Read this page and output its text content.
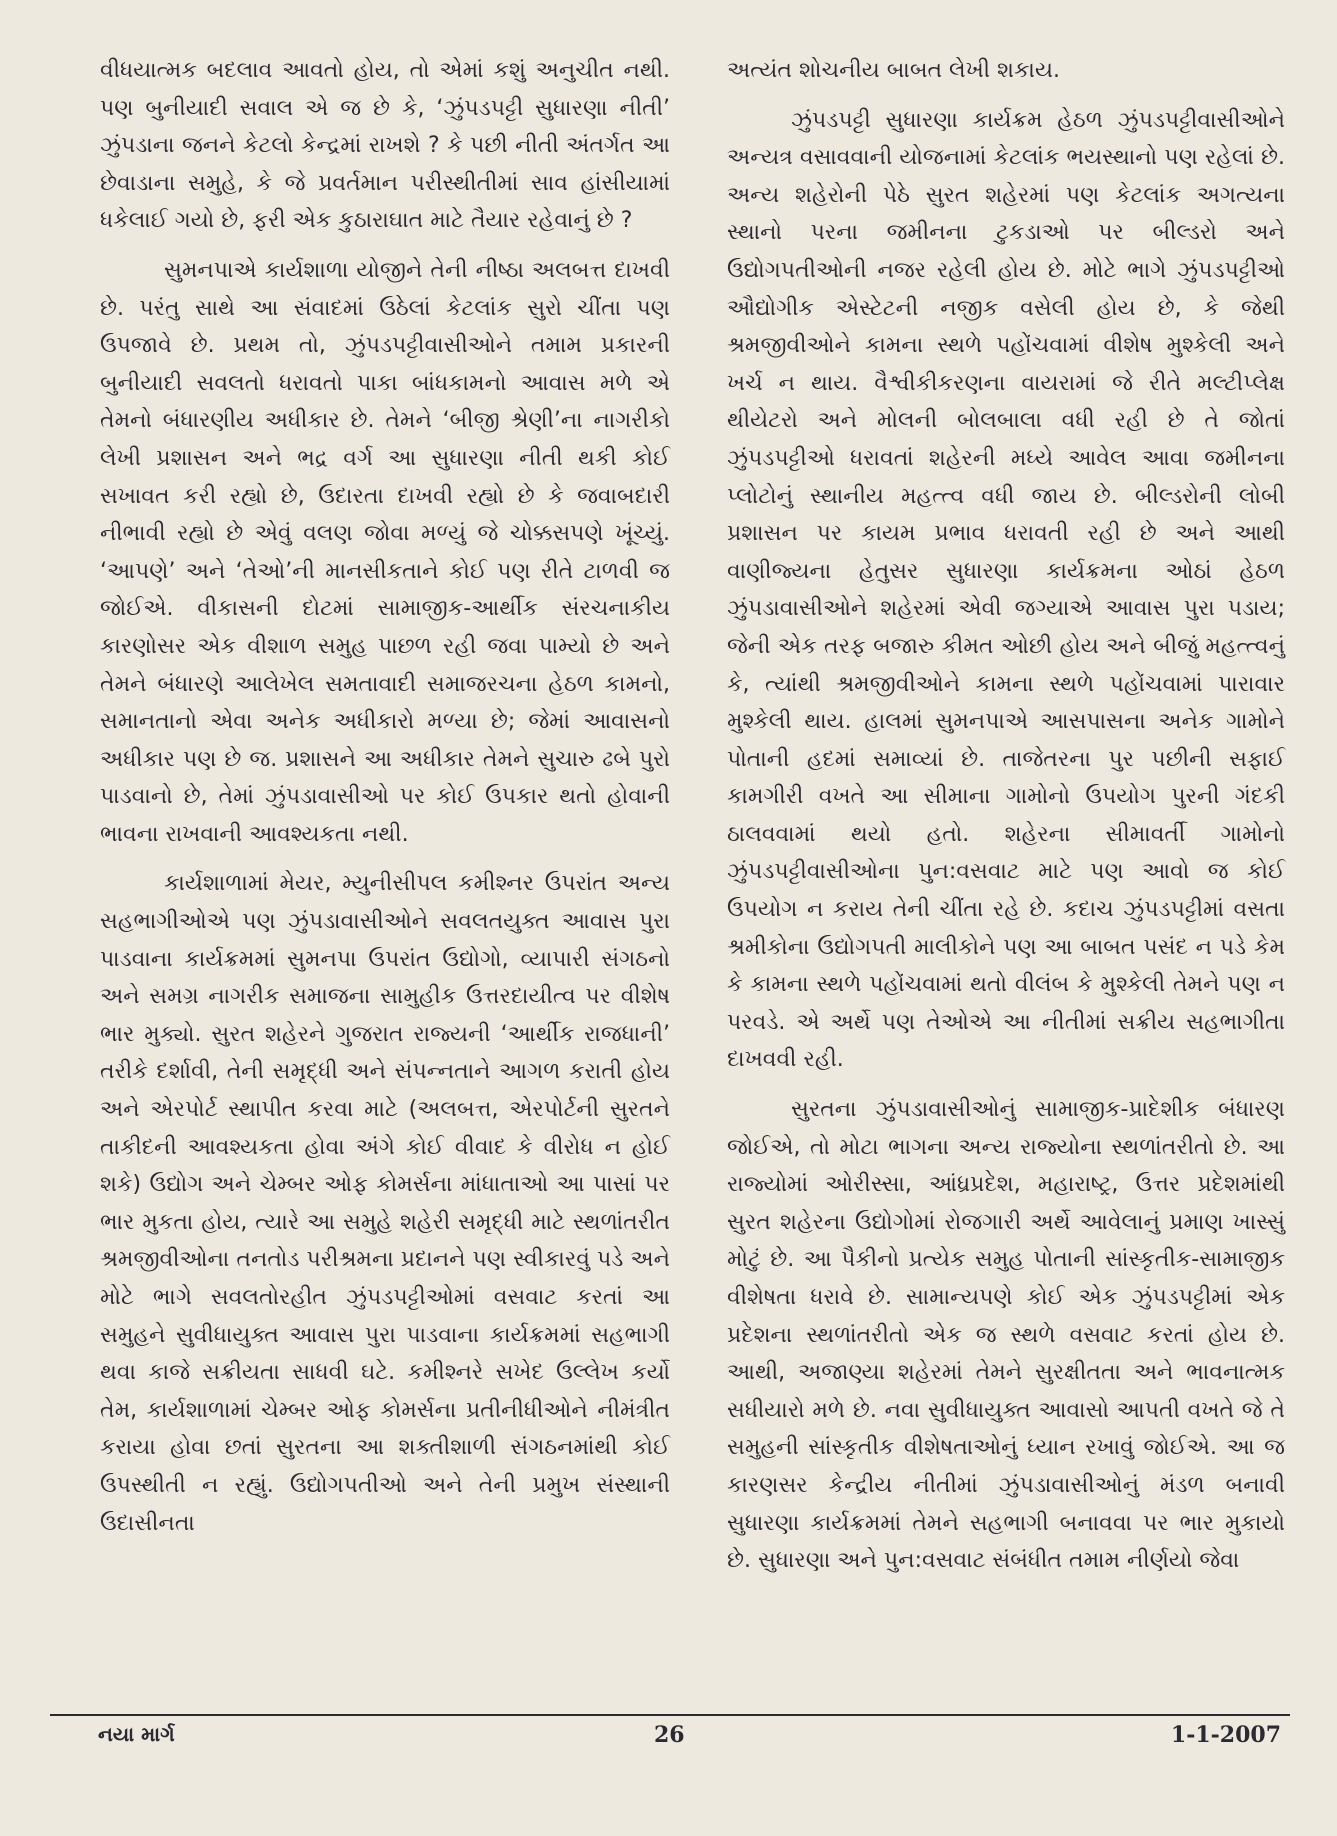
વીધયાત્મક બદલાવ આવતો હોય, તો એમાં કશું અનુચીત નથી. પણ બુનીયાદી સવાલ એ જ છે કે, ‘ઝુંપડપટ્ટી સુધારણા નીતી’ ઝુંપડાના જનને કેટલો કેન્દ્રમાં રાખશે ? કે પછી નીતી અંતર્ગત આ છેવાડાના સમુહે, કે જે પ્રવર્તમાન પરીસ્થીતીમાં સાવ હાંસીયામાં ધકેલાઈ ગયો છે, ફરી એક કુઠારાઘાત માટે તૈયાર રહેવાનું છે ?

સુમનપાએ કાર્યશાળા યોજીને તેની નીષ્ઠા અલબત્ત દાખવી છે. પરંતુ સાથે આ સંવાદમાં ઉઠેલાં કેટલાંક સુરો ચીંતા પણ ઉપજાવે છે. પ્રથમ તો, ઝુંપડપટ્ટીવાસીઓને તમામ પ્રકારની બુનીયાદી સવલતો ધરાવતો પાકા બાંધકામનો આવાસ મળે એ તેમનો બંધારણીય અધીકાર છે. તેમને ‘બીજી શ્રેણી’ના નાગરીકો લેખી પ્રશાસન અને ભદ્ર વર્ગ આ સુધારણા નીતી થકી કોઈ સખાવત કરી રહ્યો છે, ઉદારતા દાખવી રહ્યો છે કે જવાબદારી નીભાવી રહ્યો છે એવું વલણ જોવા મળ્યું જે ચોક્કસપણે ખૂંચ્યું. ‘આપણે’ અને ‘તેઓ’ની માનસીકતાને કોઈ પણ રીતે ટાળવી જ જોઈએ. વીકાસની દોટમાં સામાજીક-આર્થીક સંરચનાકીય કારણોસર એક વીશાળ સમુહ પાછળ રહી જવા પામ્યો છે અને તેમને બંધારણે આલેખેલ સમતાવાદી સમાજરચના હેઠળ કામનો, સમાનતાનો એવા અનેક અધીકારો મળ્યા છે; જેમાં આવાસનો અધીકાર પણ છે જ. પ્રશાસને આ અધીકાર તેમને સુચારુ ઢબે પુરો પાડવાનો છે, તેમાં ઝુંપડાવાસીઓ પર કોઈ ઉપકાર થતો હોવાની ભાવના રાખવાની આવશ્યકતા નથી.

કાર્યશાળામાં મેયર, મ્યુનીસીપલ કમીશ્નર ઉપરાંત અન્ય સહભાગીઓએ પણ ઝુંપડાવાસીઓને સવલતયુક્ત આવાસ પુરા પાડવાના કાર્યક્રમમાં સુમનપા ઉપરાંત ઉદ્યોગો, વ્યાપારી સંગઠનો અને સમગ્ર નાગરીક સમાજના સામુહીક ઉત્તરદાયીત્વ પર વીશેષ ભાર મુક્યો. સુરત શહેરને ગુજરાત રાજ્યની ‘આર્થીક રાજધાની’ તરીકે દર્શાવી, તેની સમૃદ્ધી અને સંપન્નતાને આગળ કરાતી હોય અને એરપોર્ટ સ્થાપીત કરવા માટે (અલબત્ત, એરપોર્ટની સુરતને તાકીદની આવશ્યકતા હોવા અંગે કોઈ વીવાદ કે વીરોધ ન હોઈ શકે) ઉદ્યોગ અને ચેમ્બર ઓફ કોમર્સના માંધાતાઓ આ પાસાં પર ભાર મુકતા હોય, ત્યારે આ સમુહે શહેરી સમૃદ્ધી માટે સ્થળાંતરીત શ્રમજીવીઓના તનતોડ પરીશ્રમના પ્રદાનને પણ સ્વીકારવું પડે અને મોટે ભાગે સવલતોરહીત ઝુંપડપટ્ટીઓમાં વસવાટ કરતાં આ સમુહને સુવીધાયુક્ત આવાસ પુરા પાડવાના કાર્યક્રમમાં સહભાગી થવા કાજે સક્રીયતા સાધવી ઘટે. કમીશ્નરે સખેદ ઉલ્લેખ કર્યો તેમ, કાર્યશાળામાં ચેમ્બર ઓફ કોમર્સના પ્રતીનીધીઓને નીમંત્રીત કરાયા હોવા છતાં સુરતના આ શક્તીશાળી સંગઠનમાંથી કોઈ ઉપસ્થીતી ન રહ્યું. ઉદ્યોગપતીઓ અને તેની પ્રમુખ સંસ્થાની ઉદાસીનતા

અત્યંત શોચનીય બાબત લેખી શકાય.

ઝુંપડપટ્ટી સુધારણા કાર્યક્રમ હેઠળ ઝુંપડપટ્ટીવાસીઓને અન્યત્ર વસાવવાની યોજનામાં કેટલાંક ભયસ્થાનો પણ રહેલાં છે. અન્ય શહેરોની પેઠે સુરત શહેરમાં પણ કેટલાંક અગત્યના સ્થાનો પરના જમીનના ટુકડાઓ પર બીલ્ડરો અને ઉદ્યોગપતીઓની નજર રહેલી હોય છે. મોટે ભાગે ઝુંપડપટ્ટીઓ ઔદ્યોગીક એસ્ટેટની નજીક વસેલી હોય છે, કે જેથી શ્રમજીવીઓને કામના સ્થળે પહોંચવામાં વીશેષ મુશ્કેલી અને ખર્ચ ન થાય. વૈશ્વીકીકરણના વાયરામાં જે રીતે મલ્ટીપ્લેક્ષ થીયેટરો અને મોલની બોલબાલા વધી રહી છે તે જોતાં ઝુંપડપટ્ટીઓ ધરાવતાં શહેરની મધ્યે આવેલ આવા જમીનના પ્લોટોનું સ્થાનીય મહત્ત્વ વધી જાય છે. બીલ્ડરોની લોબી પ્રશાસન પર કાયમ પ્રભાવ ધરાવતી રહી છે અને આથી વાણીજ્યના હેતુસર સુધારણા કાર્યક્રમના ઓઠાં હેઠળ ઝુંપડાવાસીઓને શહેરમાં એવી જગ્યાએ આવાસ પુરા પડાય; જેની એક તરફ બજારુ કીમત ઓછી હોય અને બીજું મહત્ત્વનું કે, ત્યાંથી શ્રમજીવીઓને કામના સ્થળે પહોંચવામાં પારાવાર મુશ્કેલી થાય. હાલમાં સુમનપાએ આસપાસના અનેક ગામોને પોતાની હદમાં સમાવ્યાં છે. તાજેતરના પુર પછીની સફાઈ કામગીરી વખતે આ સીમાના ગામોનો ઉપયોગ પુરની ગંદકી ઠાલવવામાં થયો હતો. શહેરના સીમાવર્તી ગામોનો ઝુંપડપટ્ટીવાસીઓના પુન:વસવાટ માટે પણ આવો જ કોઈ ઉપયોગ ન કરાય તેની ચીંતા રહે છે. કદાચ ઝુંપડપટ્ટીમાં વસતા શ્રમીકોના ઉદ્યોગપતી માલીકોને પણ આ બાબત પસંદ ન પડે કેમ કે કામના સ્થળે પહોંચવામાં થતો વીલંબ કે મુશ્કેલી તેમને પણ ન પરવડે. એ અર્થે પણ તેઓએ આ નીતીમાં સક્રીય સહભાગીતા દાખવવી રહી.

સુરતના ઝુંપડાવાસીઓનું સામાજીક-પ્રાદેશીક બંધારણ જોઈએ, તો મોટા ભાગના અન્ય રાજ્યોના સ્થળાંતરીતો છે. આ રાજ્યોમાં ઓરીસ્સા, આંધ્રપ્રદેશ, મહારાષ્ટ્ર, ઉત્તર પ્રદેશમાંથી સુરત શહેરના ઉદ્યોગોમાં રોજગારી અર્થે આવેલાનું પ્રમાણ ખાસ્સું મોટું છે. આ પૈકીનો પ્રત્યેક સમુહ પોતાની સાંસ્કૃતીક-સામાજીક વીશેષતા ધરાવે છે. સામાન્યપણે કોઈ એક ઝુંપડપટ્ટીમાં એક પ્રદેશના સ્થળાંતરીતો એક જ સ્થળે વસવાટ કરતાં હોય છે. આથી, અજાણ્યા શહેરમાં તેમને સુરક્ષીતતા અને ભાવનાત્મક સધીયારો મળે છે. નવા સુવીધાયુક્ત આવાસો આપતી વખતે જે તે સમુહની સાંસ્કૃતીક વીશેષતાઓનું ધ્યાન રખાવું જોઈએ. આ જ કારણસર કેન્દ્રીય નીતીમાં ઝુંપડાવાસીઓનું મંડળ બનાવી સુધારણા કાર્યક્રમમાં તેમને સહભાગી બનાવવા પર ભાર મુકાયો છે. સુધારણા અને પુન:વસવાટ સંબંધીત તમામ નીર્ણયો જેવા

નયા માર્ગ	26	1-1-2007
